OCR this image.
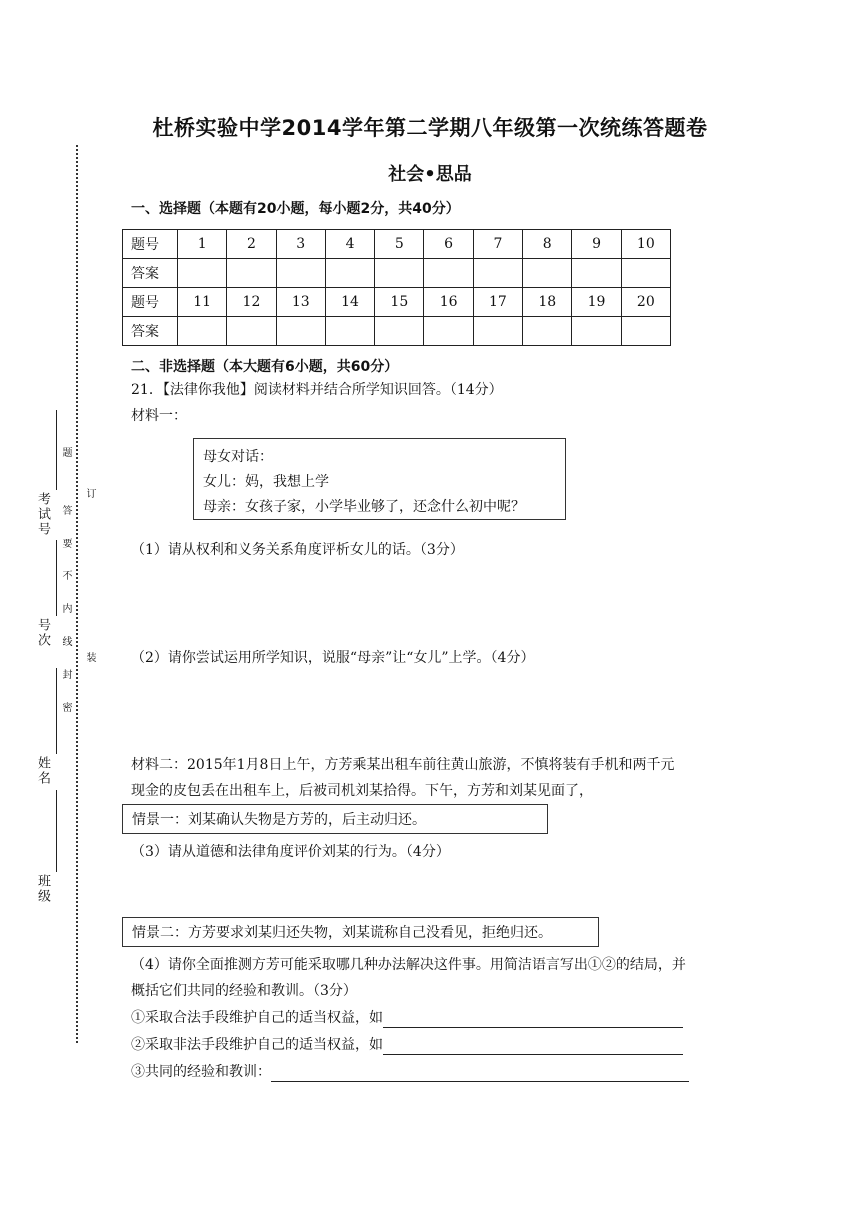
考试号
号次
姓名
班级
题
答
要
不
内
线
封
密
订
装
杜桥实验中学2014学年第二学期八年级第一次统练答题卷
社会•思品
一、选择题（本题有20小题，每小题2分，共40分）
题号	1	2	3	4	5	6	7	8	9	10
答案										
题号	11	12	13	14	15	16	17	18	19	20
答案										
二、非选择题（本大题有6小题，共60分）
21．【法律你我他】阅读材料并结合所学知识回答。（14分）
材料一：
母女对话：
女儿：妈，我想上学
母亲：女孩子家，小学毕业够了，还念什么初中呢？
（1）请从权利和义务关系角度评析女儿的话。（3分）
（2）请你尝试运用所学知识，说服“母亲”让“女儿”上学。（4分）
材料二：2015年1月8日上午，方芳乘某出租车前往黄山旅游，不慎将装有手机和两千元
现金的皮包丢在出租车上，后被司机刘某拾得。下午，方芳和刘某见面了，
情景一：刘某确认失物是方芳的，后主动归还。
（3）请从道德和法律角度评价刘某的行为。（4分）
情景二：方芳要求刘某归还失物，刘某谎称自己没看见，拒绝归还。
（4）请你全面推测方芳可能采取哪几种办法解决这件事。用简洁语言写出①②的结局，并
概括它们共同的经验和教训。（3分）
①采取合法手段维护自己的适当权益，如
②采取非法手段维护自己的适当权益，如
③共同的经验和教训：
